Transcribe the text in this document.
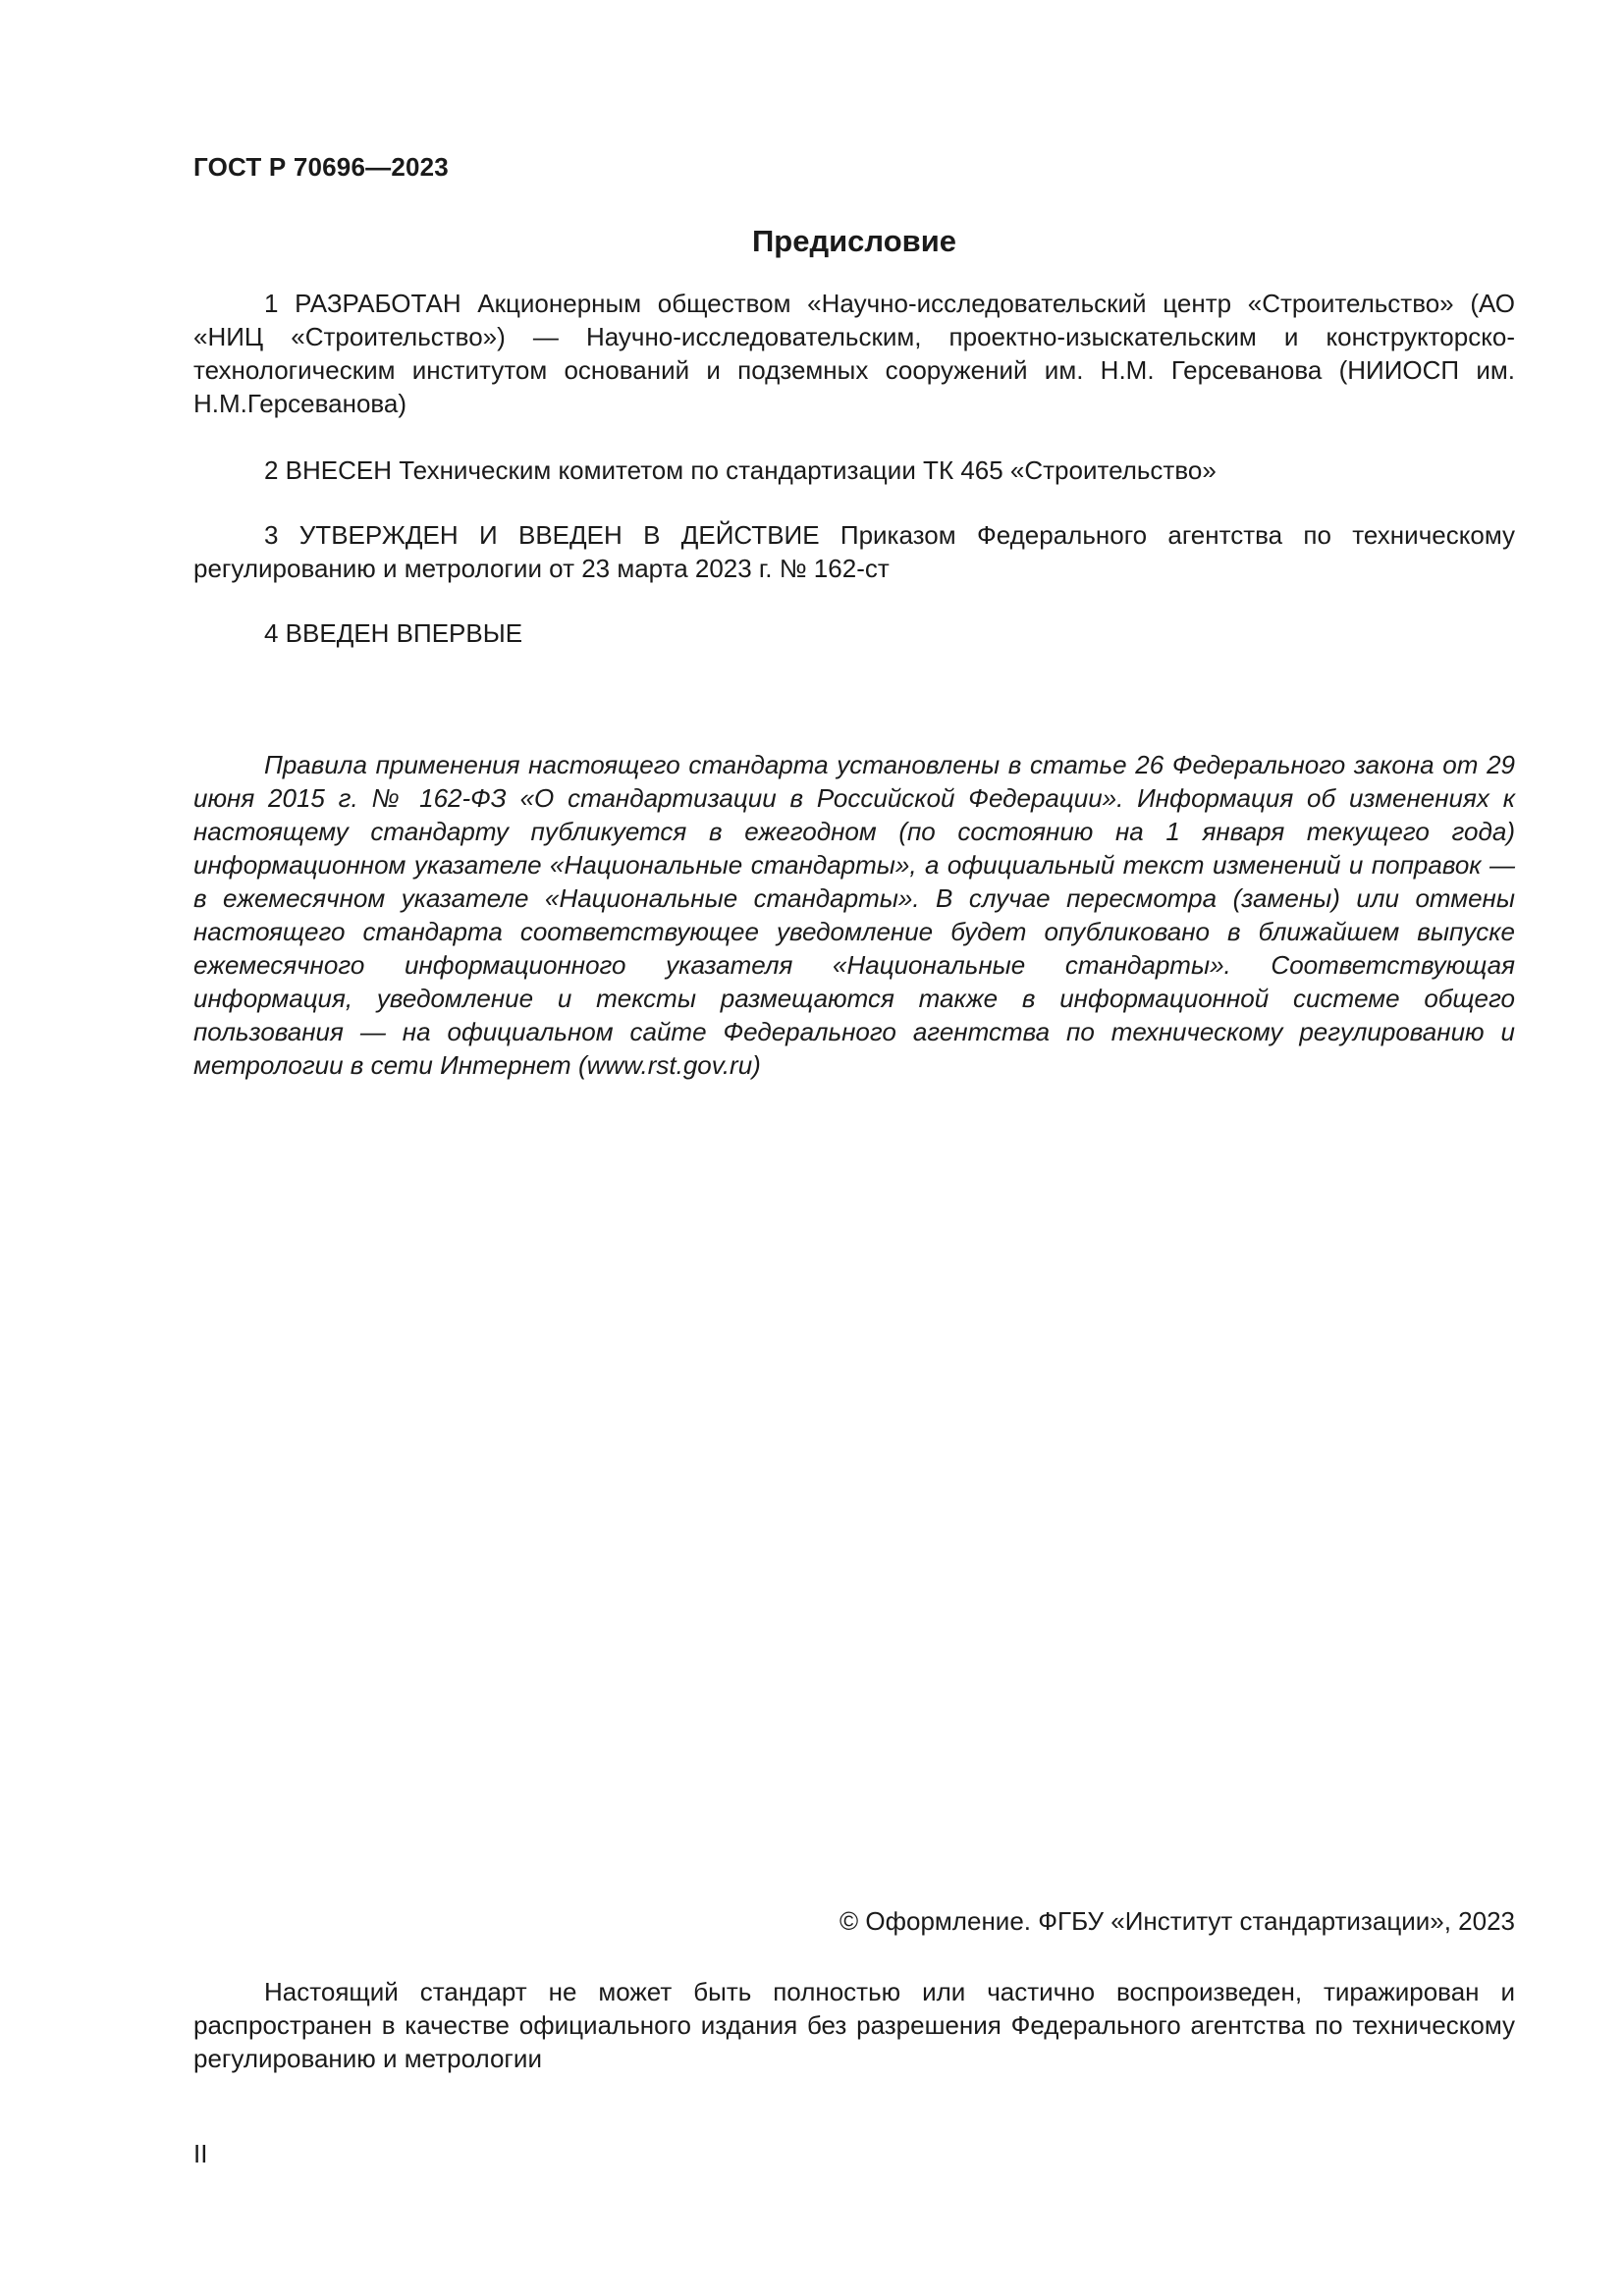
ГОСТ Р 70696—2023
Предисловие

1 РАЗРАБОТАН Акционерным обществом «Научно-исследовательский центр «Строительство» (АО «НИЦ «Строительство») — Научно-исследовательским, проектно-изыскательским и конструкторско-технологическим институтом оснований и подземных сооружений им. Н.М. Герсеванова (НИИОСП им. Н.М.Герсеванова)

2 ВНЕСЕН Техническим комитетом по стандартизации ТК 465 «Строительство»

3 УТВЕРЖДЕН И ВВЕДЕН В ДЕЙСТВИЕ Приказом Федерального агентства по техническому регулированию и метрологии от 23 марта 2023 г. № 162-ст

4 ВВЕДЕН ВПЕРВЫЕ

Правила применения настоящего стандарта установлены в статье 26 Федерального закона от 29 июня 2015 г. № 162-ФЗ «О стандартизации в Российской Федерации». Информация об изменениях к настоящему стандарту публикуется в ежегодном (по состоянию на 1 января текущего года) информационном указателе «Национальные стандарты», а официальный текст изменений и поправок — в ежемесячном указателе «Национальные стандарты». В случае пересмотра (замены) или отмены настоящего стандарта соответствующее уведомление будет опубликовано в ближайшем выпуске ежемесячного информационного указателя «Национальные стандарты». Соответствующая информация, уведомление и тексты размещаются также в информационной системе общего пользования — на официальном сайте Федерального агентства по техническому регулированию и метрологии в сети Интернет (www.rst.gov.ru)

© Оформление. ФГБУ «Институт стандартизации», 2023

Настоящий стандарт не может быть полностью или частично воспроизведен, тиражирован и распространен в качестве официального издания без разрешения Федерального агентства по техническому регулированию и метрологии

II
